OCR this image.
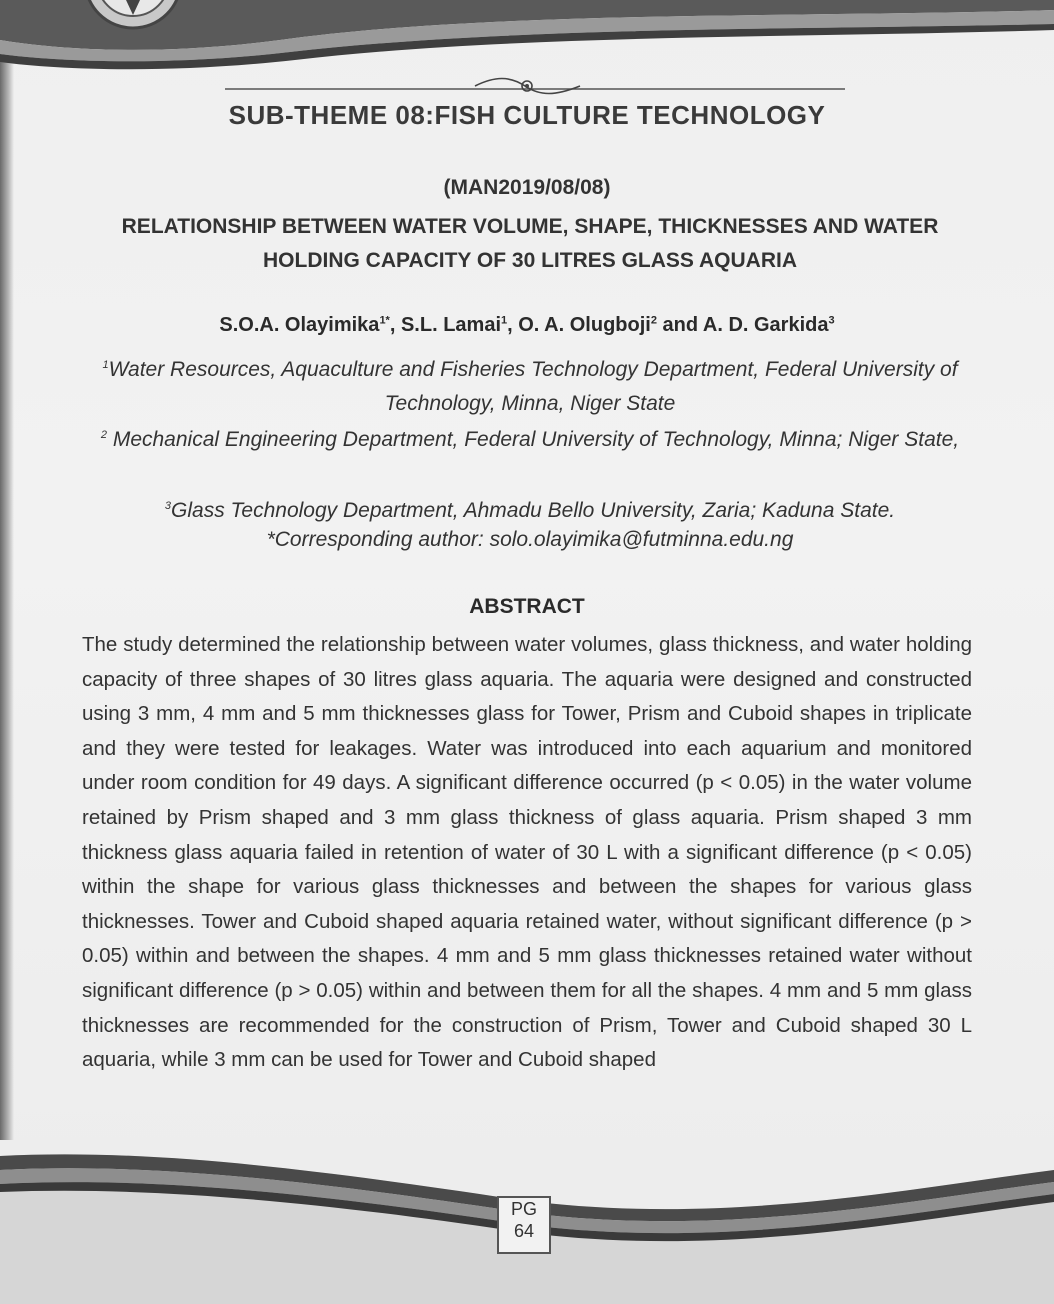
SUB-THEME 08:FISH CULTURE TECHNOLOGY
(MAN2019/08/08)
RELATIONSHIP BETWEEN WATER VOLUME, SHAPE, THICKNESSES AND WATER HOLDING CAPACITY OF 30 LITRES GLASS AQUARIA
S.O.A. Olayimika$^{1*}$, S.L. Lamai$^1$, O. A. Olugboji$^2$ and A. D. Garkida$^3$
$^1$Water Resources, Aquaculture and Fisheries Technology Department, Federal University of Technology, Minna, Niger State
$^2$ Mechanical Engineering Department, Federal University of Technology, Minna; Niger State,
$^3$Glass Technology Department, Ahmadu Bello University, Zaria; Kaduna State.
*Corresponding author: solo.olayimika@futminna.edu.ng
ABSTRACT
The study determined the relationship between water volumes, glass thickness, and water holding capacity of three shapes of 30 litres glass aquaria. The aquaria were designed and constructed using 3 mm, 4 mm and 5 mm thicknesses glass for Tower, Prism and Cuboid shapes in triplicate and they were tested for leakages. Water was introduced into each aquarium and monitored under room condition for 49 days. A significant difference occurred (p < 0.05) in the water volume retained by Prism shaped and 3 mm glass thickness of glass aquaria. Prism shaped 3 mm thickness glass aquaria failed in retention of water of 30 L with a significant difference (p < 0.05) within the shape for various glass thicknesses and between the shapes for various glass thicknesses. Tower and Cuboid shaped aquaria retained water, without significant difference (p > 0.05) within and between the shapes. 4 mm and 5 mm glass thicknesses retained water without significant difference (p > 0.05) within and between them for all the shapes. 4 mm and 5 mm glass thicknesses are recommended for the construction of Prism, Tower and Cuboid shaped 30 L aquaria, while 3 mm can be used for Tower and Cuboid shaped
PG
64
